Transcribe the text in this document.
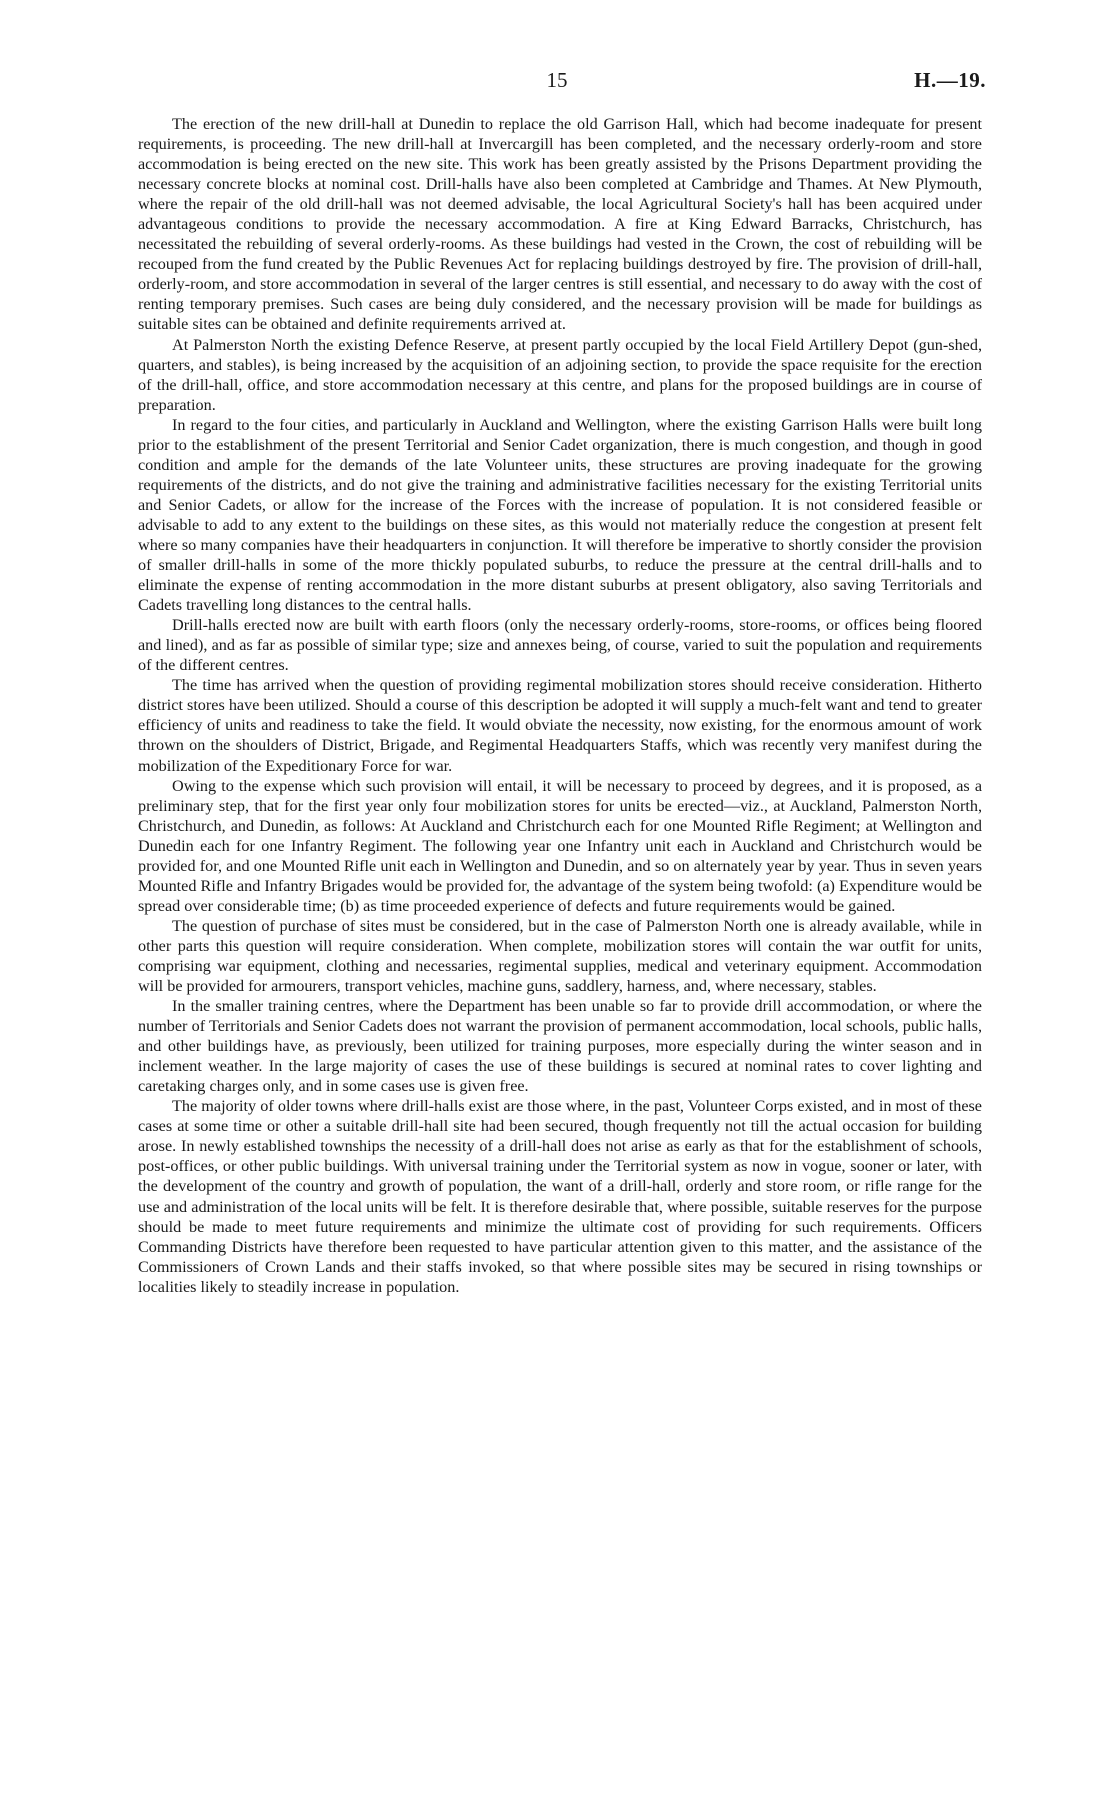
15	H.—19.

The erection of the new drill-hall at Dunedin to replace the old Garrison Hall, which had become inadequate for present requirements, is proceeding. The new drill-hall at Invercargill has been completed, and the necessary orderly-room and store accommodation is being erected on the new site. This work has been greatly assisted by the Prisons Department providing the necessary concrete blocks at nominal cost. Drill-halls have also been completed at Cambridge and Thames. At New Plymouth, where the repair of the old drill-hall was not deemed advisable, the local Agricultural Society's hall has been acquired under advantageous conditions to provide the necessary accommodation. A fire at King Edward Barracks, Christchurch, has necessitated the rebuilding of several orderly-rooms. As these buildings had vested in the Crown, the cost of rebuilding will be recouped from the fund created by the Public Revenues Act for replacing buildings destroyed by fire. The provision of drill-hall, orderly-room, and store accommodation in several of the larger centres is still essential, and necessary to do away with the cost of renting temporary premises. Such cases are being duly considered, and the necessary provision will be made for buildings as suitable sites can be obtained and definite requirements arrived at.

At Palmerston North the existing Defence Reserve, at present partly occupied by the local Field Artillery Depot (gun-shed, quarters, and stables), is being increased by the acquisition of an adjoining section, to provide the space requisite for the erection of the drill-hall, office, and store accommodation necessary at this centre, and plans for the proposed buildings are in course of preparation.

In regard to the four cities, and particularly in Auckland and Wellington, where the existing Garrison Halls were built long prior to the establishment of the present Territorial and Senior Cadet organization, there is much congestion, and though in good condition and ample for the demands of the late Volunteer units, these structures are proving inadequate for the growing requirements of the districts, and do not give the training and administrative facilities necessary for the existing Territorial units and Senior Cadets, or allow for the increase of the Forces with the increase of population. It is not considered feasible or advisable to add to any extent to the buildings on these sites, as this would not materially reduce the congestion at present felt where so many companies have their headquarters in conjunction. It will therefore be imperative to shortly consider the provision of smaller drill-halls in some of the more thickly populated suburbs, to reduce the pressure at the central drill-halls and to eliminate the expense of renting accommodation in the more distant suburbs at present obligatory, also saving Territorials and Cadets travelling long distances to the central halls.

Drill-halls erected now are built with earth floors (only the necessary orderly-rooms, store-rooms, or offices being floored and lined), and as far as possible of similar type; size and annexes being, of course, varied to suit the population and requirements of the different centres.

The time has arrived when the question of providing regimental mobilization stores should receive consideration. Hitherto district stores have been utilized. Should a course of this description be adopted it will supply a much-felt want and tend to greater efficiency of units and readiness to take the field. It would obviate the necessity, now existing, for the enormous amount of work thrown on the shoulders of District, Brigade, and Regimental Headquarters Staffs, which was recently very manifest during the mobilization of the Expeditionary Force for war.

Owing to the expense which such provision will entail, it will be necessary to proceed by degrees, and it is proposed, as a preliminary step, that for the first year only four mobilization stores for units be erected—viz., at Auckland, Palmerston North, Christchurch, and Dunedin, as follows: At Auckland and Christchurch each for one Mounted Rifle Regiment; at Wellington and Dunedin each for one Infantry Regiment. The following year one Infantry unit each in Auckland and Christchurch would be provided for, and one Mounted Rifle unit each in Wellington and Dunedin, and so on alternately year by year. Thus in seven years Mounted Rifle and Infantry Brigades would be provided for, the advantage of the system being twofold: (a) Expenditure would be spread over considerable time; (b) as time proceeded experience of defects and future requirements would be gained.

The question of purchase of sites must be considered, but in the case of Palmerston North one is already available, while in other parts this question will require consideration. When complete, mobilization stores will contain the war outfit for units, comprising war equipment, clothing and necessaries, regimental supplies, medical and veterinary equipment. Accommodation will be provided for armourers, transport vehicles, machine guns, saddlery, harness, and, where necessary, stables.

In the smaller training centres, where the Department has been unable so far to provide drill accommodation, or where the number of Territorials and Senior Cadets does not warrant the provision of permanent accommodation, local schools, public halls, and other buildings have, as previously, been utilized for training purposes, more especially during the winter season and in inclement weather. In the large majority of cases the use of these buildings is secured at nominal rates to cover lighting and caretaking charges only, and in some cases use is given free.

The majority of older towns where drill-halls exist are those where, in the past, Volunteer Corps existed, and in most of these cases at some time or other a suitable drill-hall site had been secured, though frequently not till the actual occasion for building arose. In newly established townships the necessity of a drill-hall does not arise as early as that for the establishment of schools, post-offices, or other public buildings. With universal training under the Territorial system as now in vogue, sooner or later, with the development of the country and growth of population, the want of a drill-hall, orderly and store room, or rifle range for the use and administration of the local units will be felt. It is therefore desirable that, where possible, suitable reserves for the purpose should be made to meet future requirements and minimize the ultimate cost of providing for such requirements. Officers Commanding Districts have therefore been requested to have particular attention given to this matter, and the assistance of the Commissioners of Crown Lands and their staffs invoked, so that where possible sites may be secured in rising townships or localities likely to steadily increase in population.
